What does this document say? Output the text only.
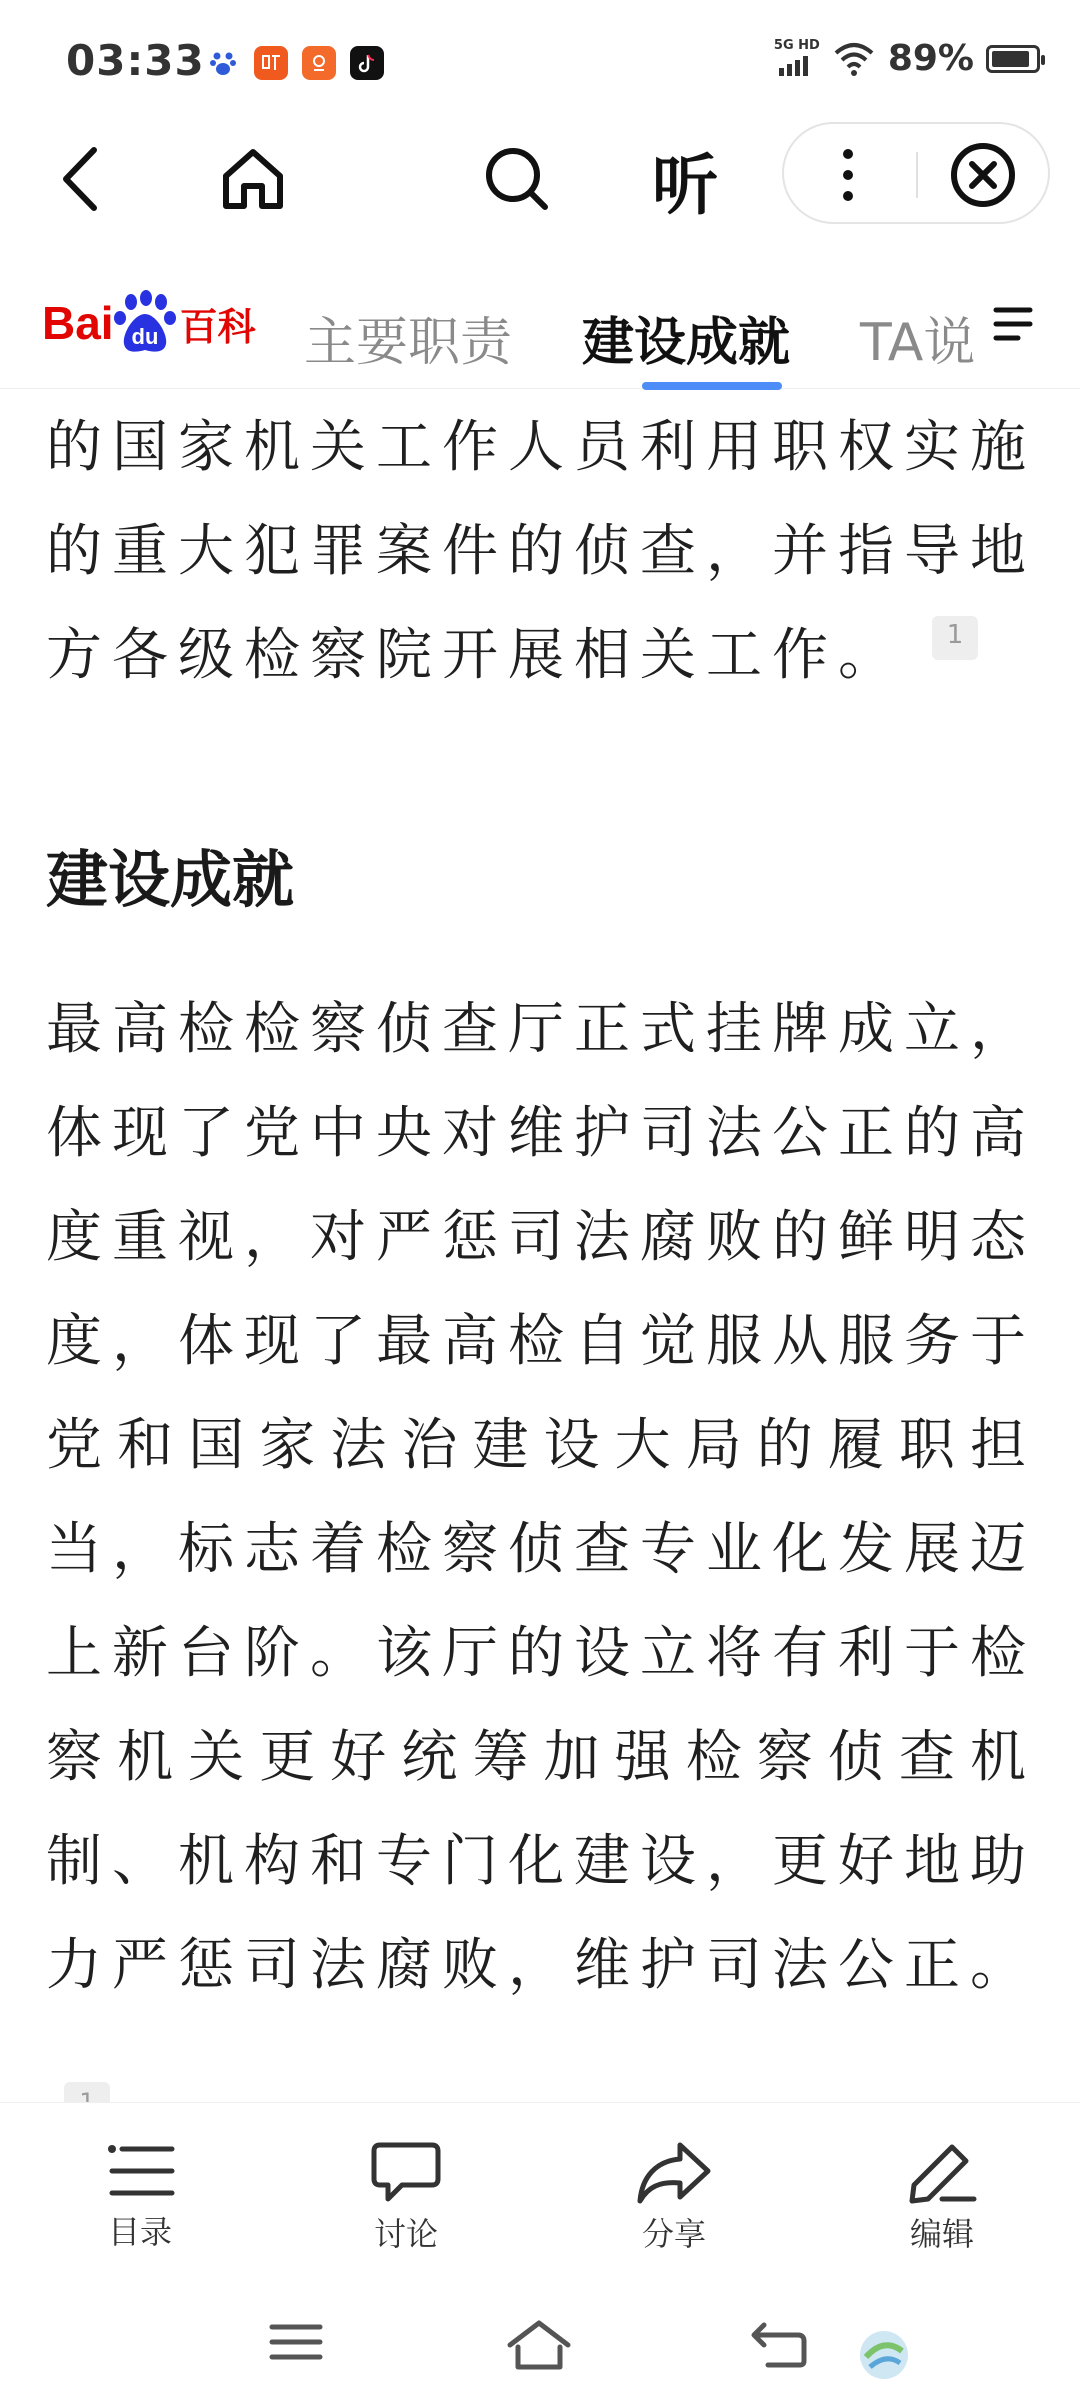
03:33	5G HD 89%
听
Bai du 百科 主要职责 建设成就 TA说

的国家机关工作人员利用职权实施的重大犯罪案件的侦查，并指导地方各级检察院开展相关工作。 1

建设成就

最高检检察侦查厅正式挂牌成立，体现了党中央对维护司法公正的高度重视，对严惩司法腐败的鲜明态度，体现了最高检自觉服从服务于党和国家法治建设大局的履职担当，标志着检察侦查专业化发展迈上新台阶。该厅的设立将有利于检察机关更好统筹加强检察侦查机制、机构和专门化建设，更好地助力严惩司法腐败，维护司法公正。

目录	讨论	分享	编辑
